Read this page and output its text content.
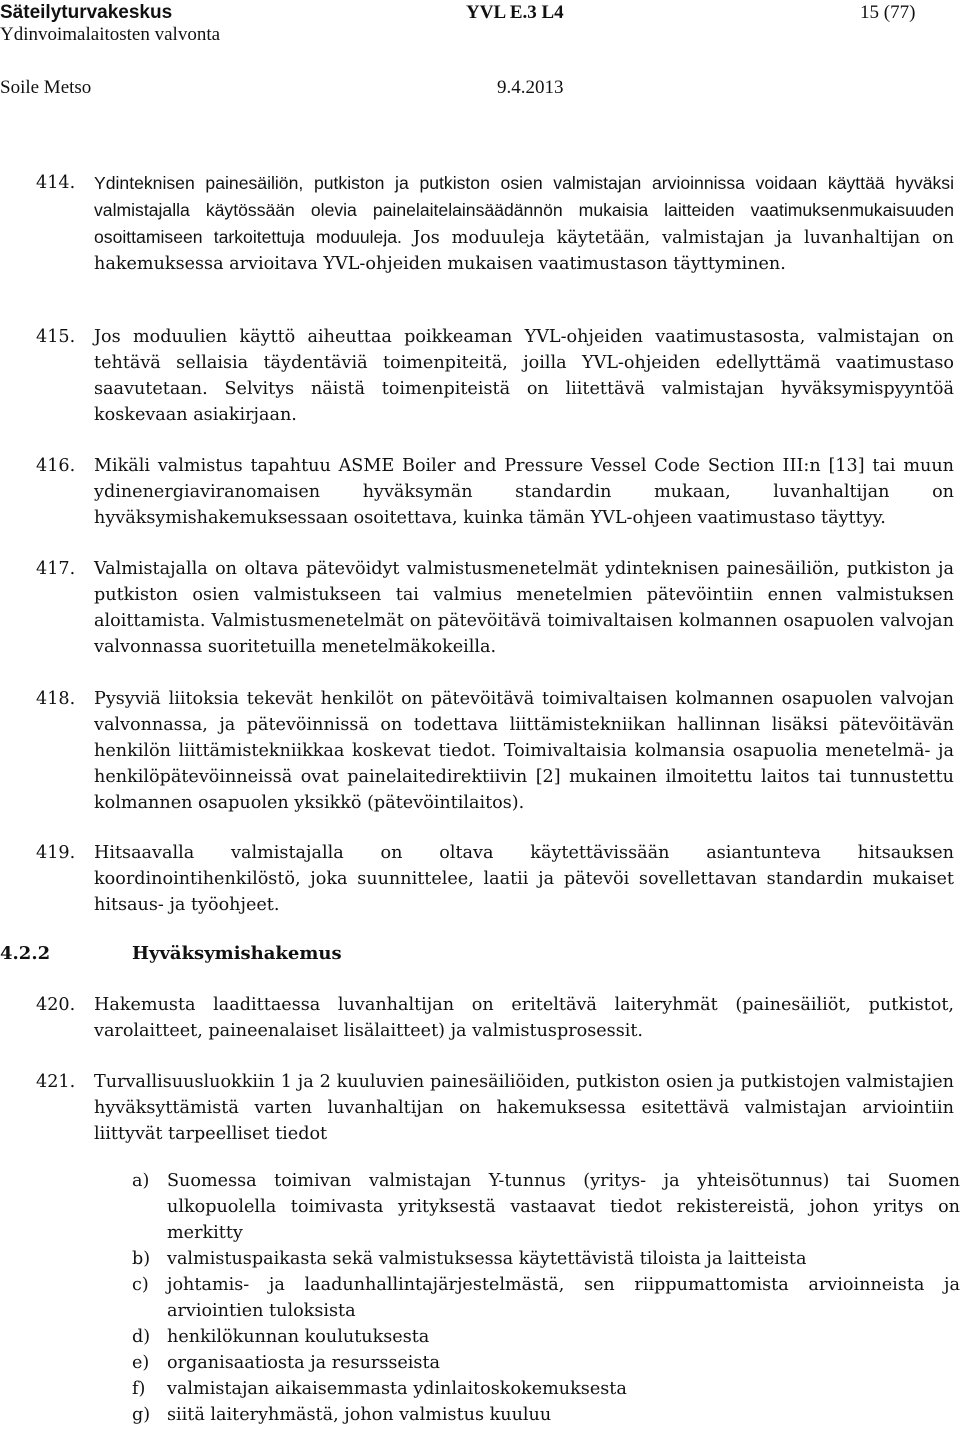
Säteilyturvakeskus	YVL E.3 L4	15 (77)
Ydinvoimalaitosten valvonta
Soile Metso	9.4.2013
414.	Ydinteknisen painesäiliön, putkiston ja putkiston osien valmistajan arvioinnissa voidaan käyttää hyväksi valmistajalla käytössään olevia painelaitelainsäädännön mukaisia laitteiden vaatimuksenmukaisuuden osoittamiseen tarkoitettuja moduuleja. Jos moduuleja käytetään, valmistajan ja luvanhaltijan on hakemuksessa arvioitava YVL-ohjeiden mukaisen vaatimustason täyttyminen.
415.	Jos moduulien käyttö aiheuttaa poikkeaman YVL-ohjeiden vaatimustasosta, valmistajan on tehtävä sellaisia täydentäviä toimenpiteitä, joilla YVL-ohjeiden edellyttämä vaatimustaso saavutetaan. Selvitys näistä toimenpiteistä on liitettävä valmistajan hyväksymispyyntöä koskevaan asiakirjaan.
416.	Mikäli valmistus tapahtuu ASME Boiler and Pressure Vessel Code Section III:n [13] tai muun ydinenergiaviranomaisen hyväksymän standardin mukaan, luvanhaltijan on hyväksymishakemuksessaan osoitettava, kuinka tämän YVL-ohjeen vaatimustaso täyttyy.
417.	Valmistajalla on oltava pätevöidyt valmistusmenetelmät ydinteknisen painesäiliön, putkiston ja putkiston osien valmistukseen tai valmius menetelmien pätevöintiin ennen valmistuksen aloittamista. Valmistusmenetelmät on pätevöitävä toimivaltaisen kolmannen osapuolen valvojan valvonnassa suoritetuilla menetelmäkokeilla.
418.	Pysyviä liitoksia tekevät henkilöt on pätevöitävä toimivaltaisen kolmannen osapuolen valvojan valvonnassa, ja pätevöinnissä on todettava liittämistekniikan hallinnan lisäksi pätevöitävän henkilön liittämistekniikkaa koskevat tiedot. Toimivaltaisia kolmansia osapuolia menetelmä- ja henkilöpätevöinneissä ovat painelaitedirektiivin [2] mukainen ilmoitettu laitos tai tunnustettu kolmannen osapuolen yksikkö (pätevöintilaitos).
419.	Hitsaavalla valmistajalla on oltava käytettävissään asiantunteva hitsauksen koordinointihenkilöstö, joka suunnittelee, laatii ja pätevöi sovellettavan standardin mukaiset hitsaus- ja työohjeet.
4.2.2	Hyväksymishakemus
420.	Hakemusta laadittaessa luvanhaltijan on eriteltävä laiteryhmät (painesäiliöt, putkistot, varolaitteet, paineenalaiset lisälaitteet) ja valmistusprosessit.
421.	Turvallisuusluokkiin 1 ja 2 kuuluvien painesäiliöiden, putkiston osien ja putkistojen valmistajien hyväksyttämistä varten luvanhaltijan on hakemuksessa esitettävä valmistajan arviointiin liittyvät tarpeelliset tiedot
a) Suomessa toimivan valmistajan Y-tunnus (yritys- ja yhteisötunnus) tai Suomen ulkopuolella toimivasta yrityksestä vastaavat tiedot rekistereistä, johon yritys on merkitty
b) valmistuspaikasta sekä valmistuksessa käytettävistä tiloista ja laitteista
c) johtamis- ja laadunhallintajärjestelmästä, sen riippumattomista arvioinneista ja arviointien tuloksista
d) henkilökunnan koulutuksesta
e) organisaatiosta ja resursseista
f) valmistajan aikaisemmasta ydinlaitoskokemuksesta
g) siitä laiteryhmästä, johon valmistus kuuluu
